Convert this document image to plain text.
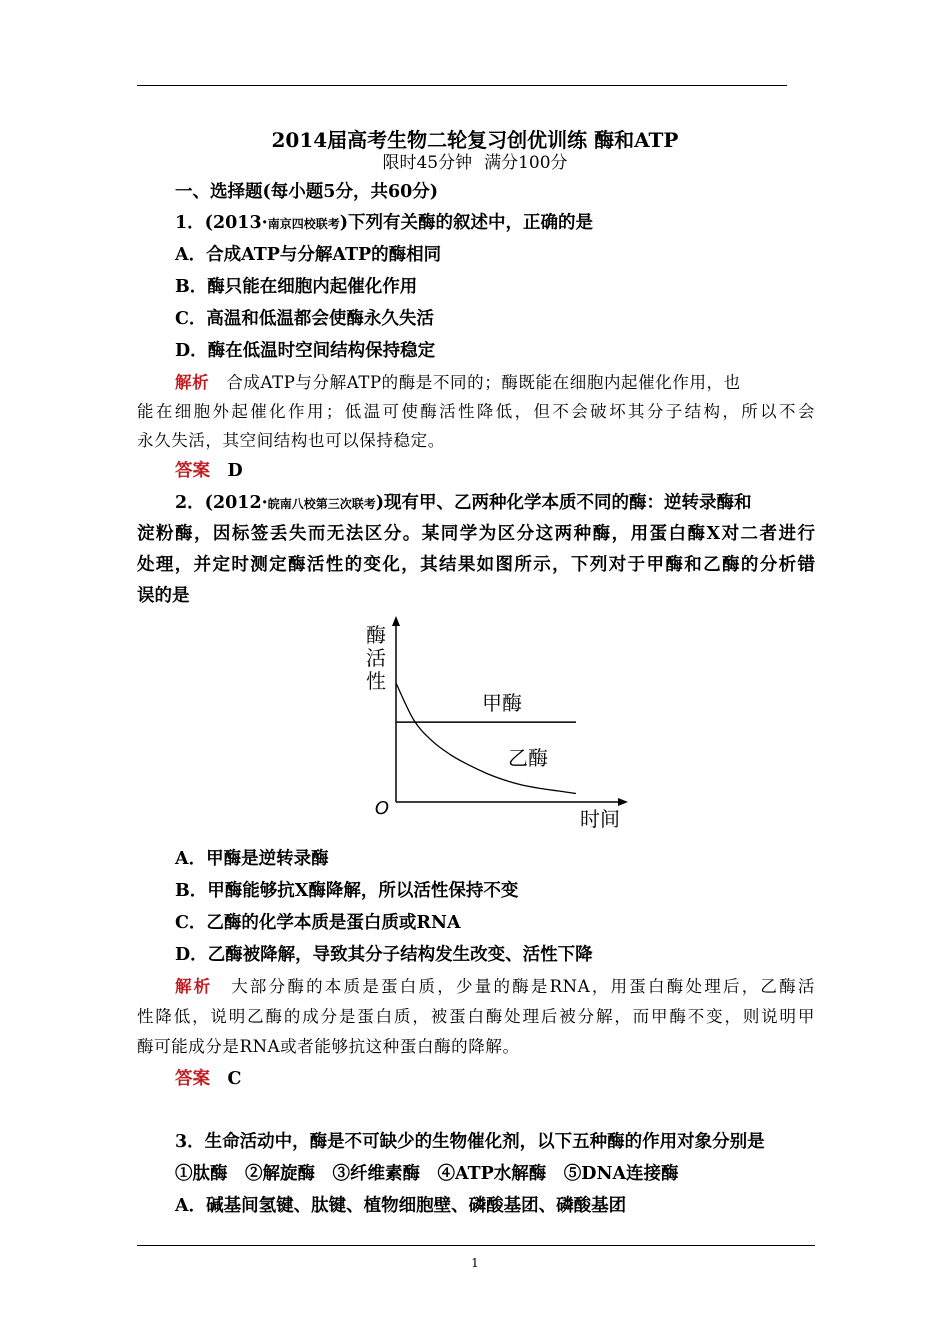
2014届高考生物二轮复习创优训练 酶和ATP
限时45分钟 满分100分
一、选择题(每小题5分，共60分)
1．(2013·南京四校联考)下列有关酶的叙述中，正确的是
A．合成ATP与分解ATP的酶相同
B．酶只能在细胞内起催化作用
C．高温和低温都会使酶永久失活
D．酶在低温时空间结构保持稳定
解析　 合成ATP与分解ATP的酶是不同的；酶既能在细胞内起催化作用，也
能在细胞外起催化作用；低温可使酶活性降低，但不会破坏其分子结构，所以不会
永久失活，其空间结构也可以保持稳定。
答案　 D
2．(2012·皖南八校第三次联考)现有甲、乙两种化学本质不同的酶：逆转录酶和
淀粉酶，因标签丢失而无法区分。某同学为区分这两种酶，用蛋白酶X对二者进行
处理，并定时测定酶活性的变化，其结果如图所示，下列对于甲酶和乙酶的分析错
误的是
酶
活
性
O	时间
甲酶
乙酶
A．甲酶是逆转录酶
B．甲酶能够抗X酶降解，所以活性保持不变
C．乙酶的化学本质是蛋白质或RNA
D．乙酶被降解，导致其分子结构发生改变、活性下降
解析　 大部分酶的本质是蛋白质，少量的酶是RNA，用蛋白酶处理后，乙酶活
性降低，说明乙酶的成分是蛋白质，被蛋白酶处理后被分解，而甲酶不变，则说明甲
酶可能成分是RNA或者能够抗这种蛋白酶的降解。
答案　 C
3．生命活动中，酶是不可缺少的生物催化剂，以下五种酶的作用对象分别是
①肽酶　②解旋酶　③纤维素酶　④ATP水解酶　⑤DNA连接酶
A．碱基间氢键、肽键、植物细胞壁、磷酸基团、磷酸基团
1
